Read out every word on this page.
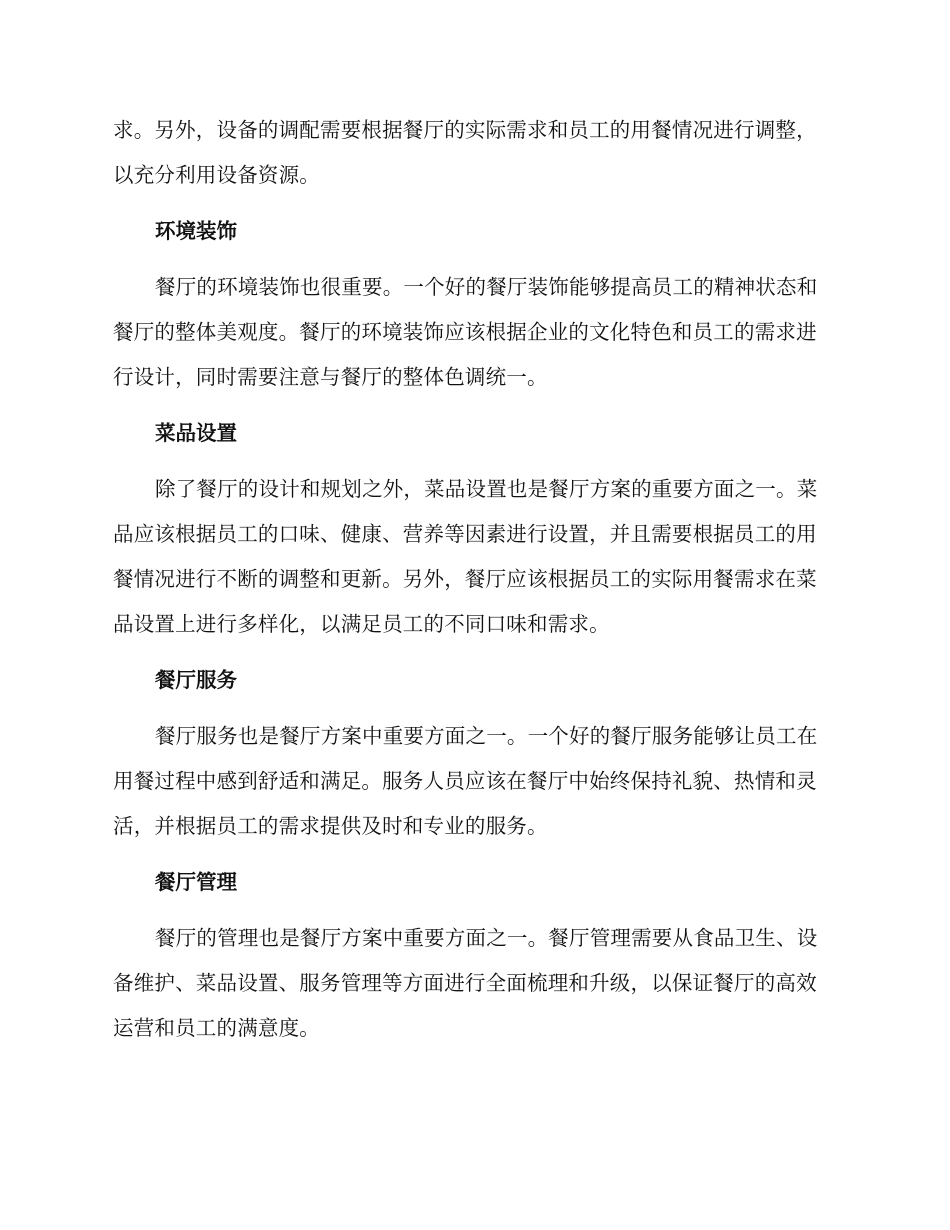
求。另外，设备的调配需要根据餐厅的实际需求和员工的用餐情况进行调整，以充分利用设备资源。

环境装饰

餐厅的环境装饰也很重要。一个好的餐厅装饰能够提高员工的精神状态和餐厅的整体美观度。餐厅的环境装饰应该根据企业的文化特色和员工的需求进行设计，同时需要注意与餐厅的整体色调统一。

菜品设置

除了餐厅的设计和规划之外，菜品设置也是餐厅方案的重要方面之一。菜品应该根据员工的口味、健康、营养等因素进行设置，并且需要根据员工的用餐情况进行不断的调整和更新。另外，餐厅应该根据员工的实际用餐需求在菜品设置上进行多样化，以满足员工的不同口味和需求。

餐厅服务

餐厅服务也是餐厅方案中重要方面之一。一个好的餐厅服务能够让员工在用餐过程中感到舒适和满足。服务人员应该在餐厅中始终保持礼貌、热情和灵活，并根据员工的需求提供及时和专业的服务。

餐厅管理

餐厅的管理也是餐厅方案中重要方面之一。餐厅管理需要从食品卫生、设备维护、菜品设置、服务管理等方面进行全面梳理和升级，以保证餐厅的高效运营和员工的满意度。
